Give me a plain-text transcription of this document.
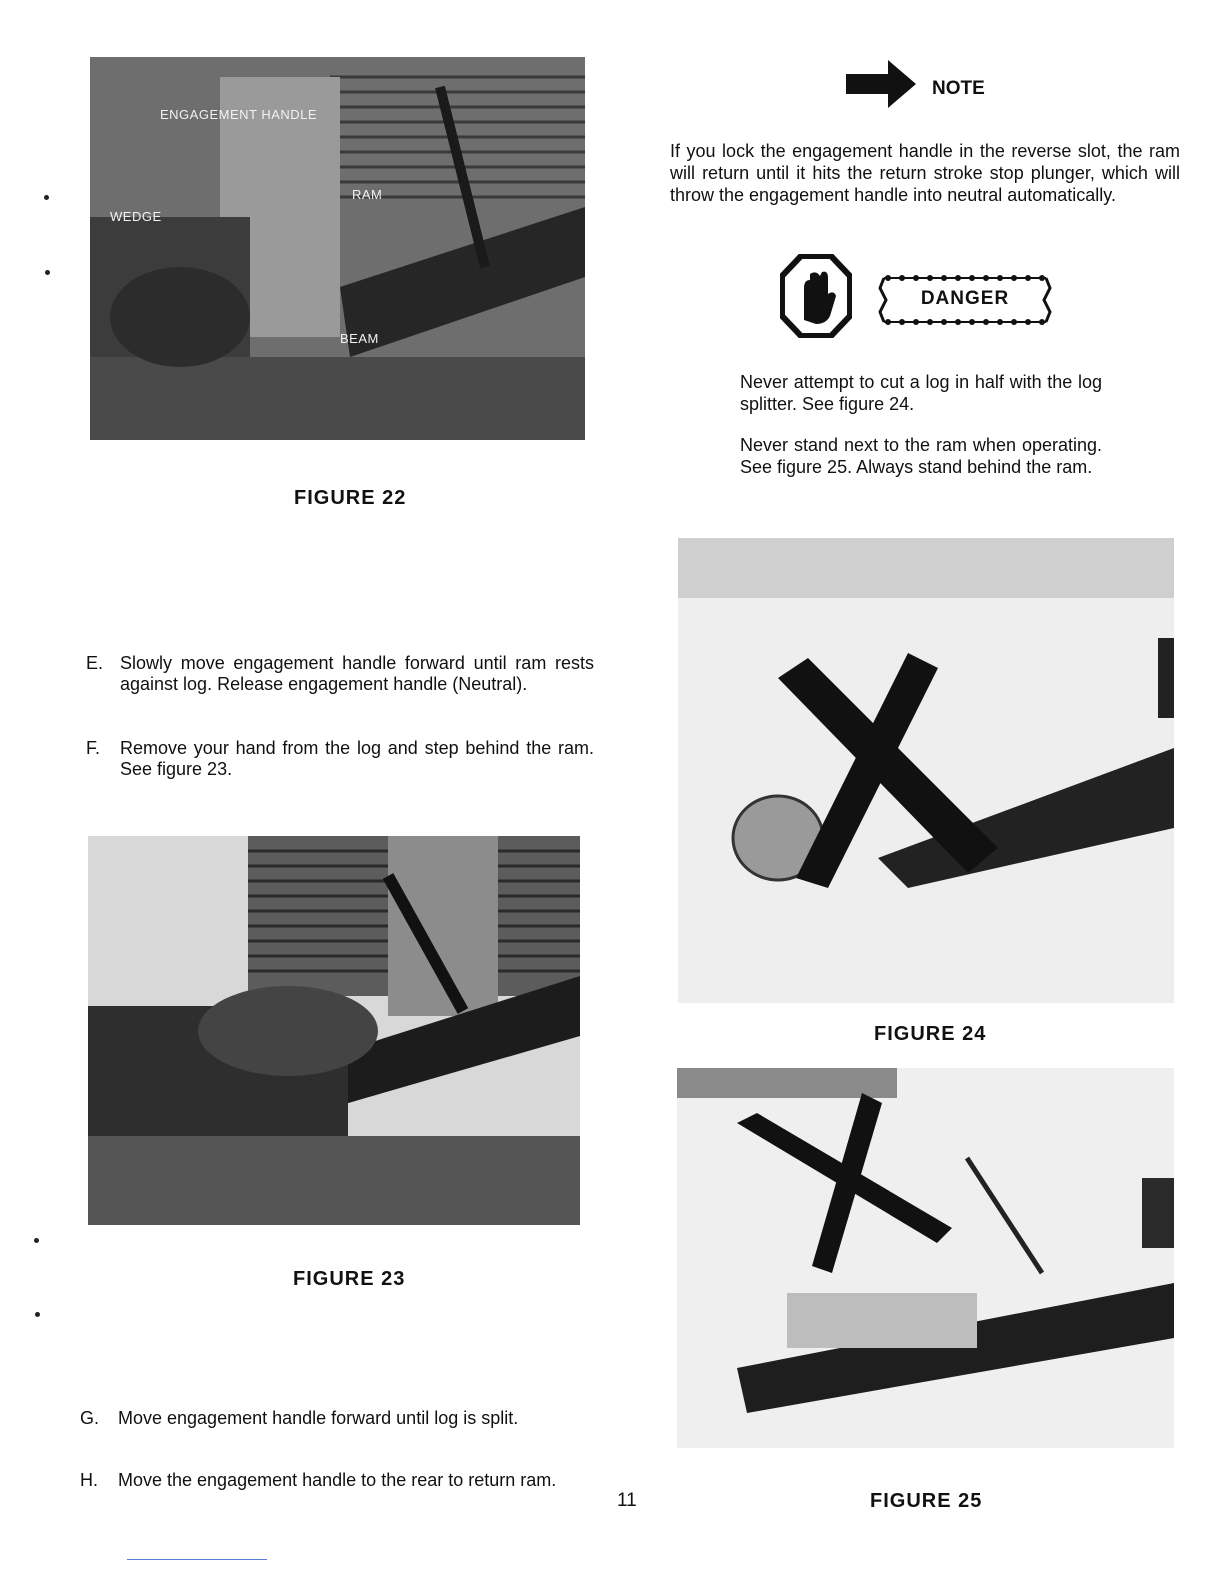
ENGAGEMENT HANDLE
RAM
WEDGE
BEAM
FIGURE 22
E. Slowly move engagement handle forward until ram rests against log. Release engagement handle (Neutral).
F. Remove your hand from the log and step behind the ram. See figure 23.
FIGURE 23
G. Move engagement handle forward until log is split.
H. Move the engagement handle to the rear to return ram.
11
NOTE
If you lock the engagement handle in the reverse slot, the ram will return until it hits the return stroke stop plunger, which will throw the engagement handle into neutral automatically.
DANGER
Never attempt to cut a log in half with the log splitter. See figure 24.
Never stand next to the ram when operating. See figure 25. Always stand behind the ram.
FIGURE 24
FIGURE 25
